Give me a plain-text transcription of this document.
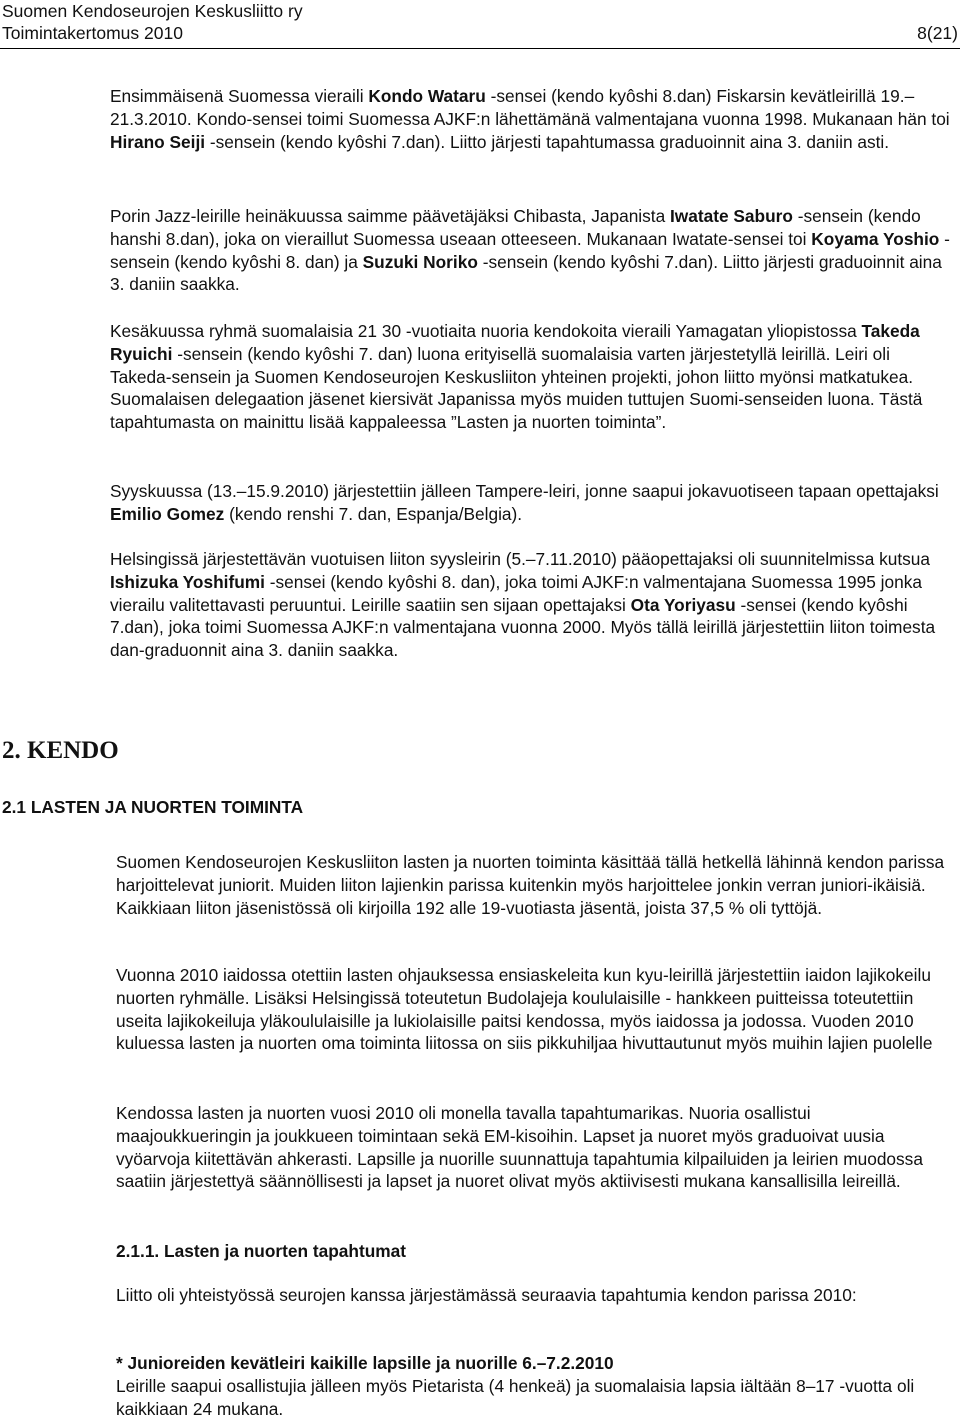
Suomen Kendoseurojen Keskusliitto ry
Toimintakertomus 2010	8(21)

Ensimmäisenä Suomessa vieraili Kondo Wataru -sensei (kendo kyôshi 8.dan) Fiskarsin kevätleirillä 19.–21.3.2010. Kondo-sensei toimi Suomessa AJKF:n lähettämänä valmentajana vuonna 1998. Mukanaan hän toi Hirano Seiji -sensein (kendo kyôshi 7.dan). Liitto järjesti tapahtumassa graduoinnit aina 3. daniin asti.

Porin Jazz-leirille heinäkuussa saimme päävetäjäksi Chibasta, Japanista Iwatate Saburo -sensein (kendo hanshi 8.dan), joka on vieraillut Suomessa useaan otteeseen. Mukanaan Iwatate-sensei toi Koyama Yoshio -sensein (kendo kyôshi 8. dan) ja Suzuki Noriko -sensein (kendo kyôshi 7.dan). Liitto järjesti graduoinnit aina 3. daniin saakka.

Kesäkuussa ryhmä suomalaisia 21 30 -vuotiaita nuoria kendokoita vieraili Yamagatan yliopistossa Takeda Ryuichi -sensein (kendo kyôshi 7. dan) luona erityisellä suomalaisia varten järjestetyllä leirillä. Leiri oli Takeda-sensein ja Suomen Kendoseurojen Keskusliiton yhteinen projekti, johon liitto myönsi matkatukea. Suomalaisen delegaation jäsenet kiersivät Japanissa myös muiden tuttujen Suomi-senseiden luona. Tästä tapahtumasta on mainittu lisää kappaleessa ”Lasten ja nuorten toiminta”.

Syyskuussa (13.–15.9.2010) järjestettiin jälleen Tampere-leiri, jonne saapui jokavuotiseen tapaan opettajaksi Emilio Gomez (kendo renshi 7. dan, Espanja/Belgia).

Helsingissä järjestettävän vuotuisen liiton syysleirin (5.–7.11.2010) pääopettajaksi oli suunnitelmissa kutsua Ishizuka Yoshifumi -sensei (kendo kyôshi 8. dan), joka toimi AJKF:n valmentajana Suomessa 1995 jonka vierailu valitettavasti peruuntui. Leirille saatiin sen sijaan opettajaksi Ota Yoriyasu -sensei (kendo kyôshi 7.dan), joka toimi Suomessa AJKF:n valmentajana vuonna 2000. Myös tällä leirillä järjestettiin liiton toimesta dan-graduonnit aina 3. daniin saakka.

2. KENDO
2.1 LASTEN JA NUORTEN TOIMINTA

Suomen Kendoseurojen Keskusliiton lasten ja nuorten toiminta käsittää tällä hetkellä lähinnä kendon parissa harjoittelevat juniorit. Muiden liiton lajienkin parissa kuitenkin myös harjoittelee jonkin verran juniori-ikäisiä. Kaikkiaan liiton jäsenistössä oli kirjoilla 192 alle 19-vuotiasta jäsentä, joista 37,5 % oli tyttöjä.

Vuonna 2010 iaidossa otettiin lasten ohjauksessa ensiaskeleita kun kyu-leirillä järjestettiin iaidon lajikokeilu nuorten ryhmälle. Lisäksi Helsingissä toteutetun Budolajeja koululaisille - hankkeen puitteissa toteutettiin useita lajikokeiluja yläkoululaisille ja lukiolaisille paitsi kendossa, myös iaidossa ja jodossa. Vuoden 2010 kuluessa lasten ja nuorten oma toiminta liitossa on siis pikkuhiljaa hivuttautunut myös muihin lajien puolelle

Kendossa lasten ja nuorten vuosi 2010 oli monella tavalla tapahtumarikas. Nuoria osallistui maajoukkueringin ja joukkueen toimintaan sekä EM-kisoihin. Lapset ja nuoret myös graduoivat uusia vyöarvoja kiitettävän ahkerasti. Lapsille ja nuorille suunnattuja tapahtumia kilpailuiden ja leirien muodossa saatiin järjestettyä säännöllisesti ja lapset ja nuoret olivat myös aktiivisesti mukana kansallisilla leireillä.

2.1.1. Lasten ja nuorten tapahtumat

Liitto oli yhteistyössä seurojen kanssa järjestämässä seuraavia tapahtumia kendon parissa 2010:

* Junioreiden kevätleiri kaikille lapsille ja nuorille 6.–7.2.2010
Leirille saapui osallistujia jälleen myös Pietarista (4 henkeä) ja suomalaisia lapsia iältään 8–17 -vuotta oli kaikkiaan 24 mukana.
